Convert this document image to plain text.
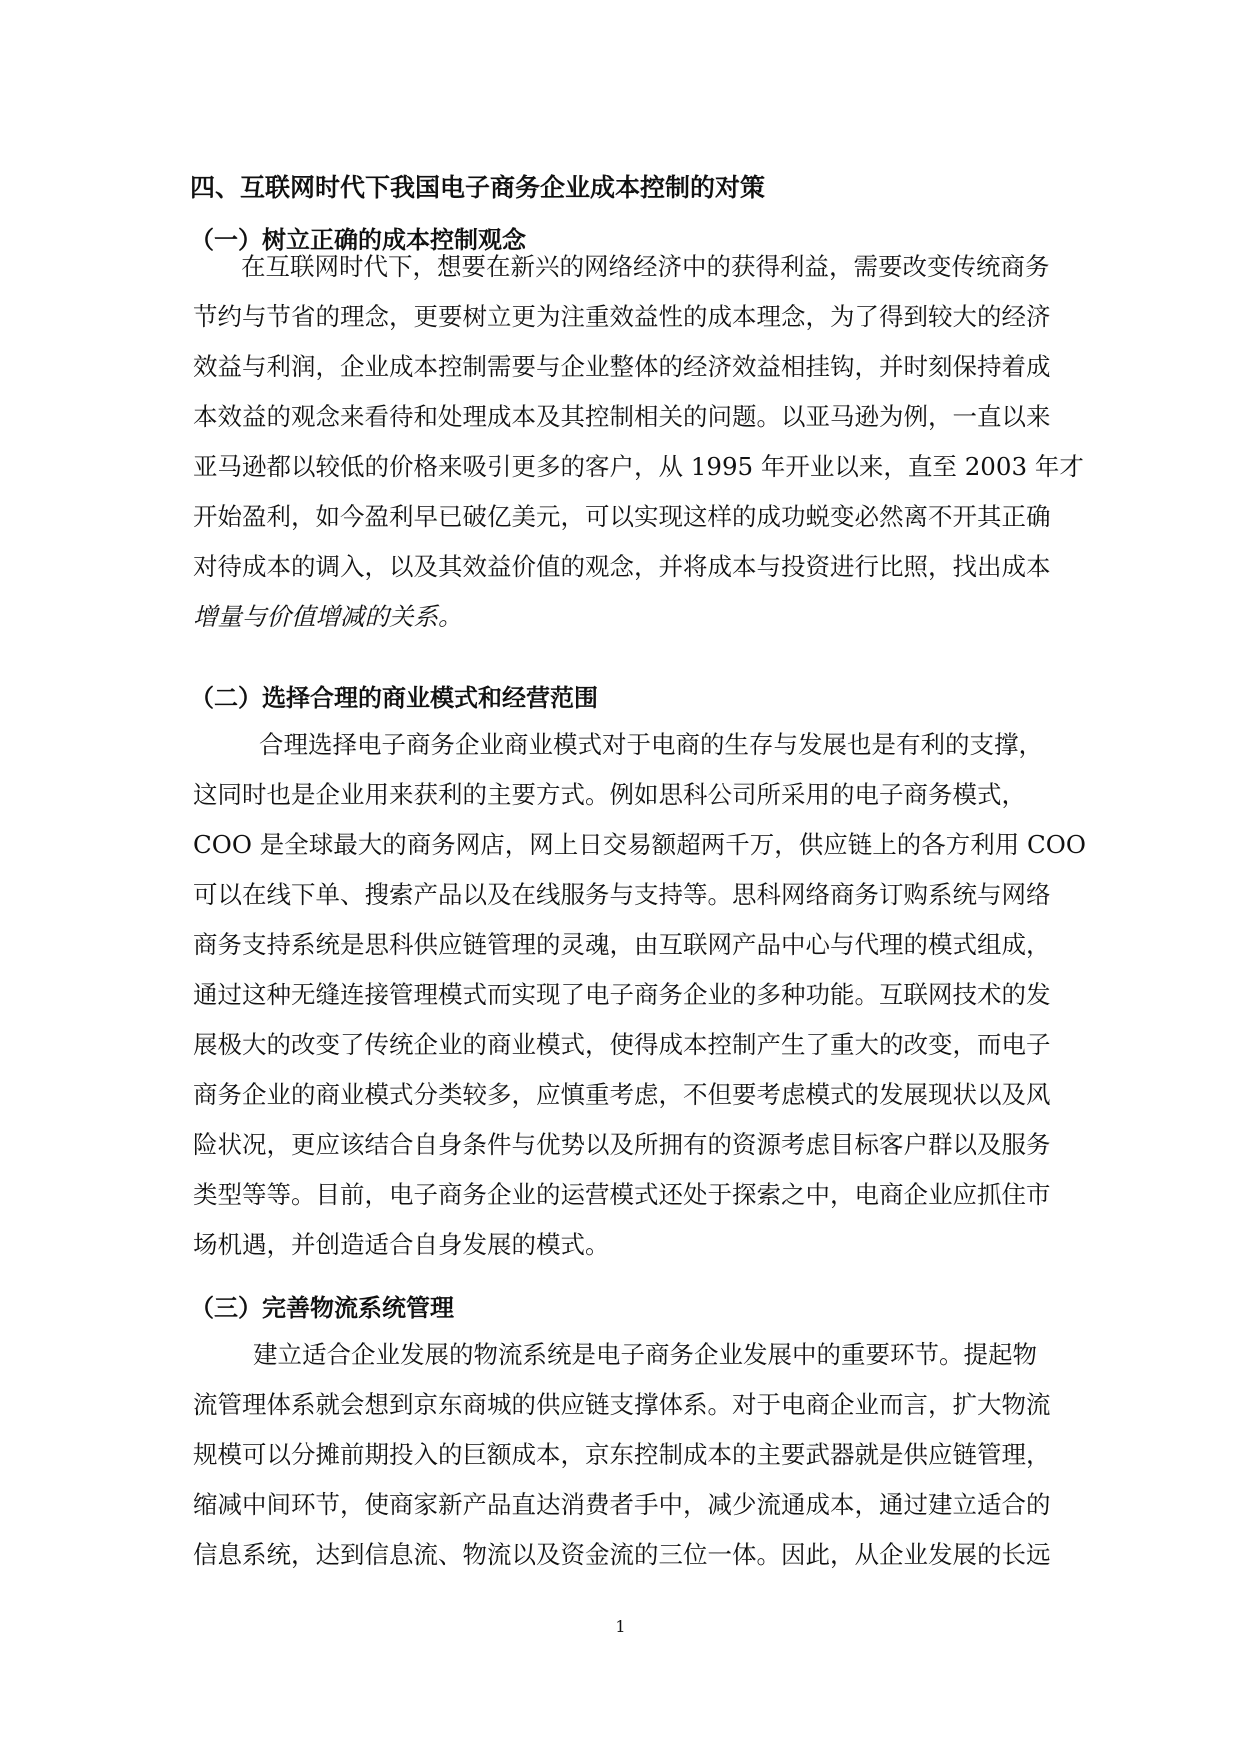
四、互联网时代下我国电子商务企业成本控制的对策
（一）树立正确的成本控制观念
在互联网时代下，想要在新兴的网络经济中的获得利益，需要改变传统商务
节约与节省的理念，更要树立更为注重效益性的成本理念，为了得到较大的经济
效益与利润，企业成本控制需要与企业整体的经济效益相挂钩，并时刻保持着成
本效益的观念来看待和处理成本及其控制相关的问题。以亚马逊为例，一直以来
亚马逊都以较低的价格来吸引更多的客户，从 1995 年开业以来，直至 2003 年才
开始盈利，如今盈利早已破亿美元，可以实现这样的成功蜕变必然离不开其正确
对待成本的调入，以及其效益价值的观念，并将成本与投资进行比照，找出成本
增量与价值增减的关系。
（二）选择合理的商业模式和经营范围
合理选择电子商务企业商业模式对于电商的生存与发展也是有利的支撑，
这同时也是企业用来获利的主要方式。例如思科公司所采用的电子商务模式，
COO 是全球最大的商务网店，网上日交易额超两千万，供应链上的各方利用 COO
可以在线下单、搜索产品以及在线服务与支持等。思科网络商务订购系统与网络
商务支持系统是思科供应链管理的灵魂，由互联网产品中心与代理的模式组成，
通过这种无缝连接管理模式而实现了电子商务企业的多种功能。互联网技术的发
展极大的改变了传统企业的商业模式，使得成本控制产生了重大的改变，而电子
商务企业的商业模式分类较多，应慎重考虑，不但要考虑模式的发展现状以及风
险状况，更应该结合自身条件与优势以及所拥有的资源考虑目标客户群以及服务
类型等等。目前，电子商务企业的运营模式还处于探索之中，电商企业应抓住市
场机遇，并创造适合自身发展的模式。
（三）完善物流系统管理
建立适合企业发展的物流系统是电子商务企业发展中的重要环节。提起物
流管理体系就会想到京东商城的供应链支撑体系。对于电商企业而言，扩大物流
规模可以分摊前期投入的巨额成本，京东控制成本的主要武器就是供应链管理，
缩减中间环节，使商家新产品直达消费者手中，减少流通成本，通过建立适合的
信息系统，达到信息流、物流以及资金流的三位一体。因此，从企业发展的长远
1
